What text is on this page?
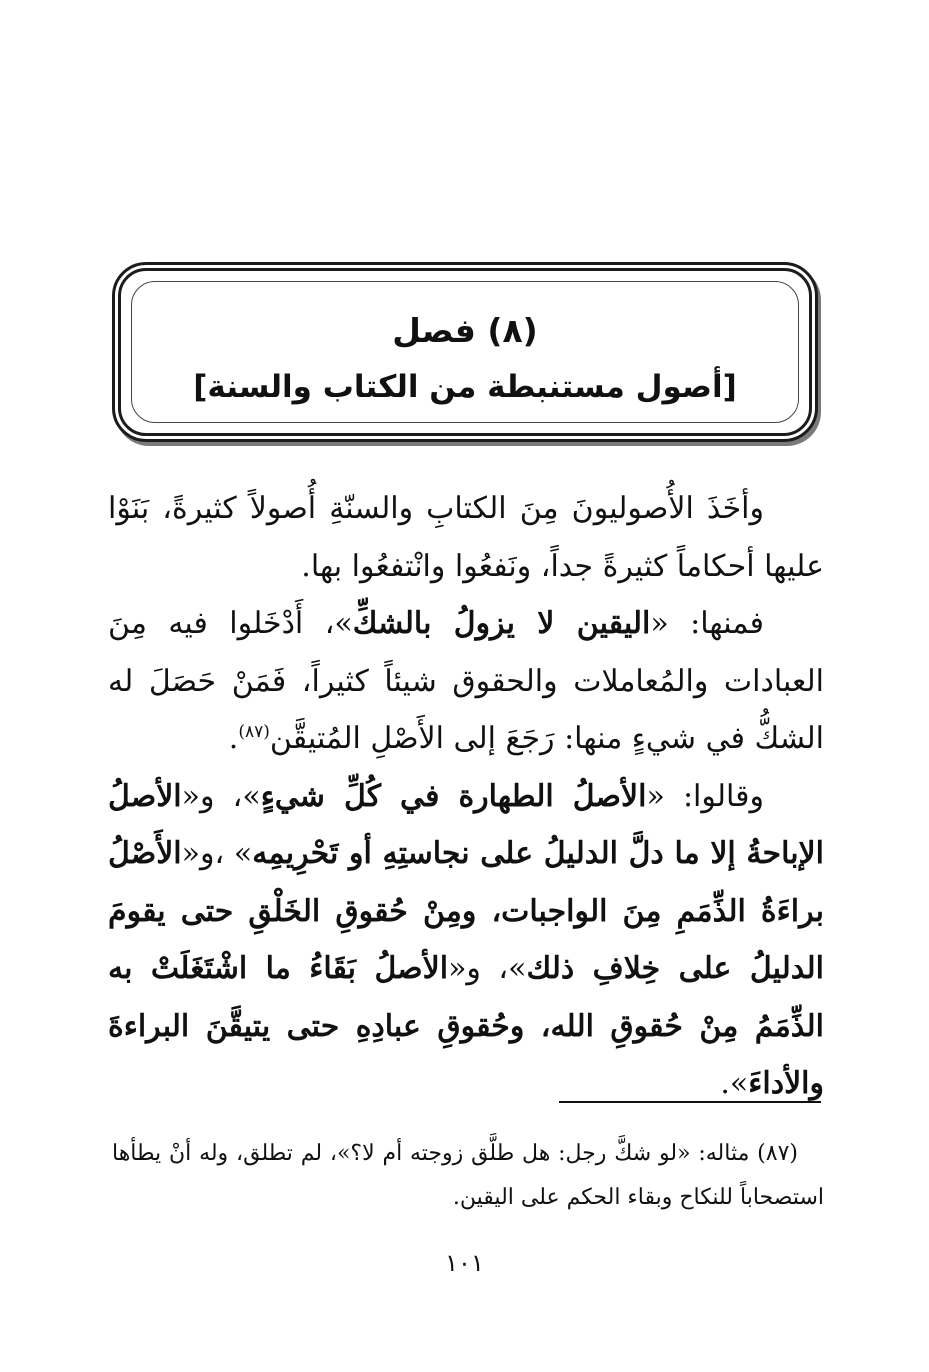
(٨) فصل
[أصول مستنبطة من الكتاب والسنة]

وأخَذَ الأُصوليونَ مِنَ الكتابِ والسنّةِ أُصولاً كثيرةً، بَنَوْا عليها أحكاماً كثيرةً جداً، ونَفعُوا وانْتفعُوا بها.

فمنها: «اليقين لا يزولُ بالشكِّ»، أَدْخَلوا فيه مِنَ العبادات والمُعاملات والحقوق شيئاً كثيراً، فَمَنْ حَصَلَ له الشكُّ في شيءٍ منها: رَجَعَ إلى الأَصْلِ المُتيقَّن$^{(٨٧)}$.

وقالوا: «الأصلُ الطهارة في كُلِّ شيءٍ»، و«الأصلُ الإباحةُ إلا ما دلَّ الدليلُ على نجاستِهِ أو تَحْرِيمِه» ،و«الأَصْلُ براءَةُ الذِّمَمِ مِنَ الواجبات، ومِنْ حُقوقِ الخَلْقِ حتى يقومَ الدليلُ على خِلافِ ذلك»، و«الأصلُ بَقَاءُ ما اشْتَغَلَتْ به الذِّمَمُ مِنْ حُقوقِ الله، وحُقوقِ عبادِهِ حتى يتيقَّنَ البراءةَ والأداءَ».

(٨٧) مثاله: «لو شكَّ رجل: هل طلَّق زوجته أم لا؟»، لم تطلق، وله أنْ يطأها استصحاباً للنكاح وبقاء الحكم على اليقين.

١٠١
